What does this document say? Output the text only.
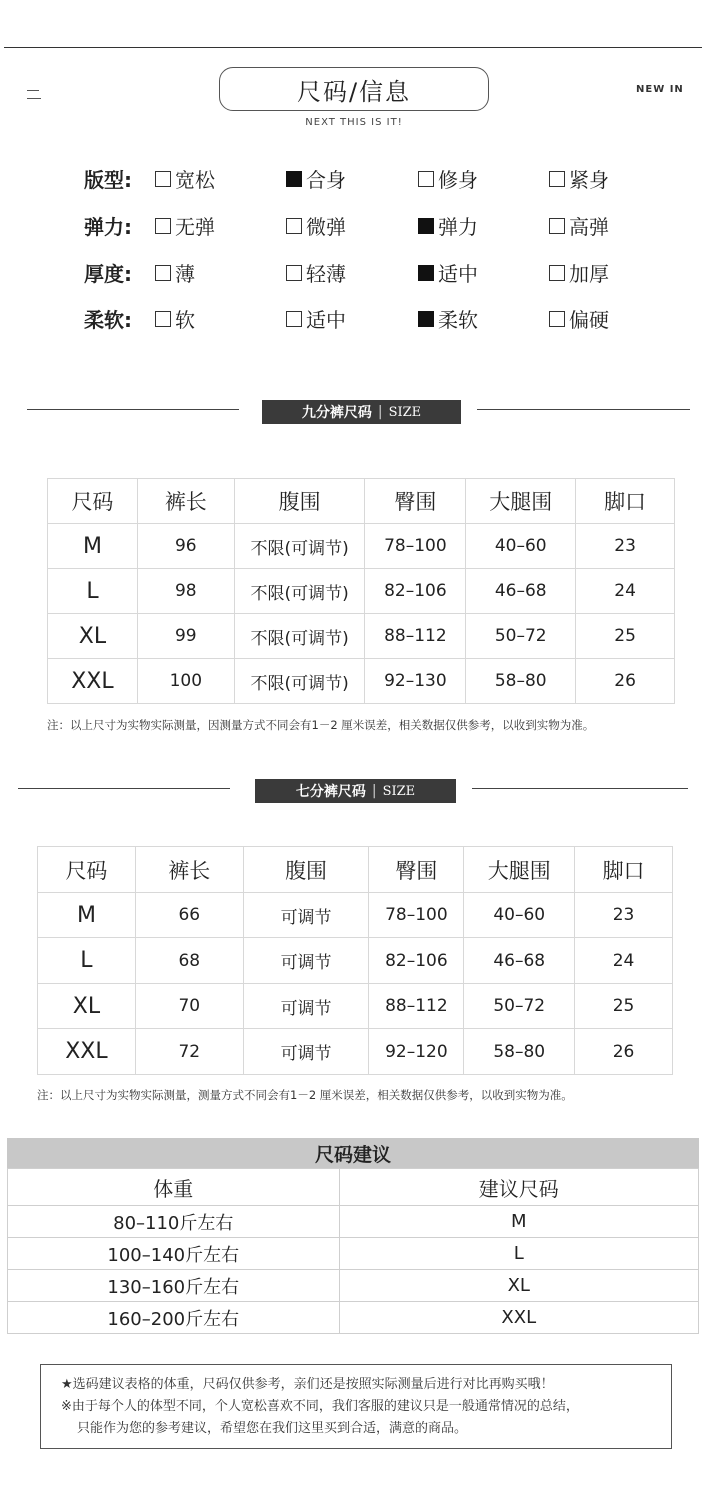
尺码/信息
NEXT THIS IS IT!
NEW IN
版型: 宽松	合身	修身	紧身
弹力: 无弹	微弹	弹力	高弹
厚度: 薄	轻薄	适中	加厚
柔软: 软	适中	柔软	偏硬
九分裤尺码 | SIZE
尺码	裤长	腹围	臀围	大腿围	脚口
M	96	不限(可调节)	78–100	40–60	23
L	98	不限(可调节)	82–106	46–68	24
XL	99	不限(可调节)	88–112	50–72	25
XXL	100	不限(可调节)	92–130	58–80	26
注：以上尺寸为实物实际测量，因测量方式不同会有1－2 厘米误差，相关数据仅供参考，以收到实物为准。
七分裤尺码 | SIZE
尺码	裤长	腹围	臀围	大腿围	脚口
M	66	可调节	78–100	40–60	23
L	68	可调节	82–106	46–68	24
XL	70	可调节	88–112	50–72	25
XXL	72	可调节	92–120	58–80	26
注：以上尺寸为实物实际测量，测量方式不同会有1－2 厘米误差，相关数据仅供参考，以收到实物为准。
尺码建议
体重	建议尺码
80–110斤左右	M
100–140斤左右	L
130–160斤左右	XL
160–200斤左右	XXL
★选码建议表格的体重，尺码仅供参考，亲们还是按照实际测量后进行对比再购买哦！
※由于每个人的体型不同，个人宽松喜欢不同，我们客服的建议只是一般通常情况的总结，
只能作为您的参考建议，希望您在我们这里买到合适，满意的商品。
